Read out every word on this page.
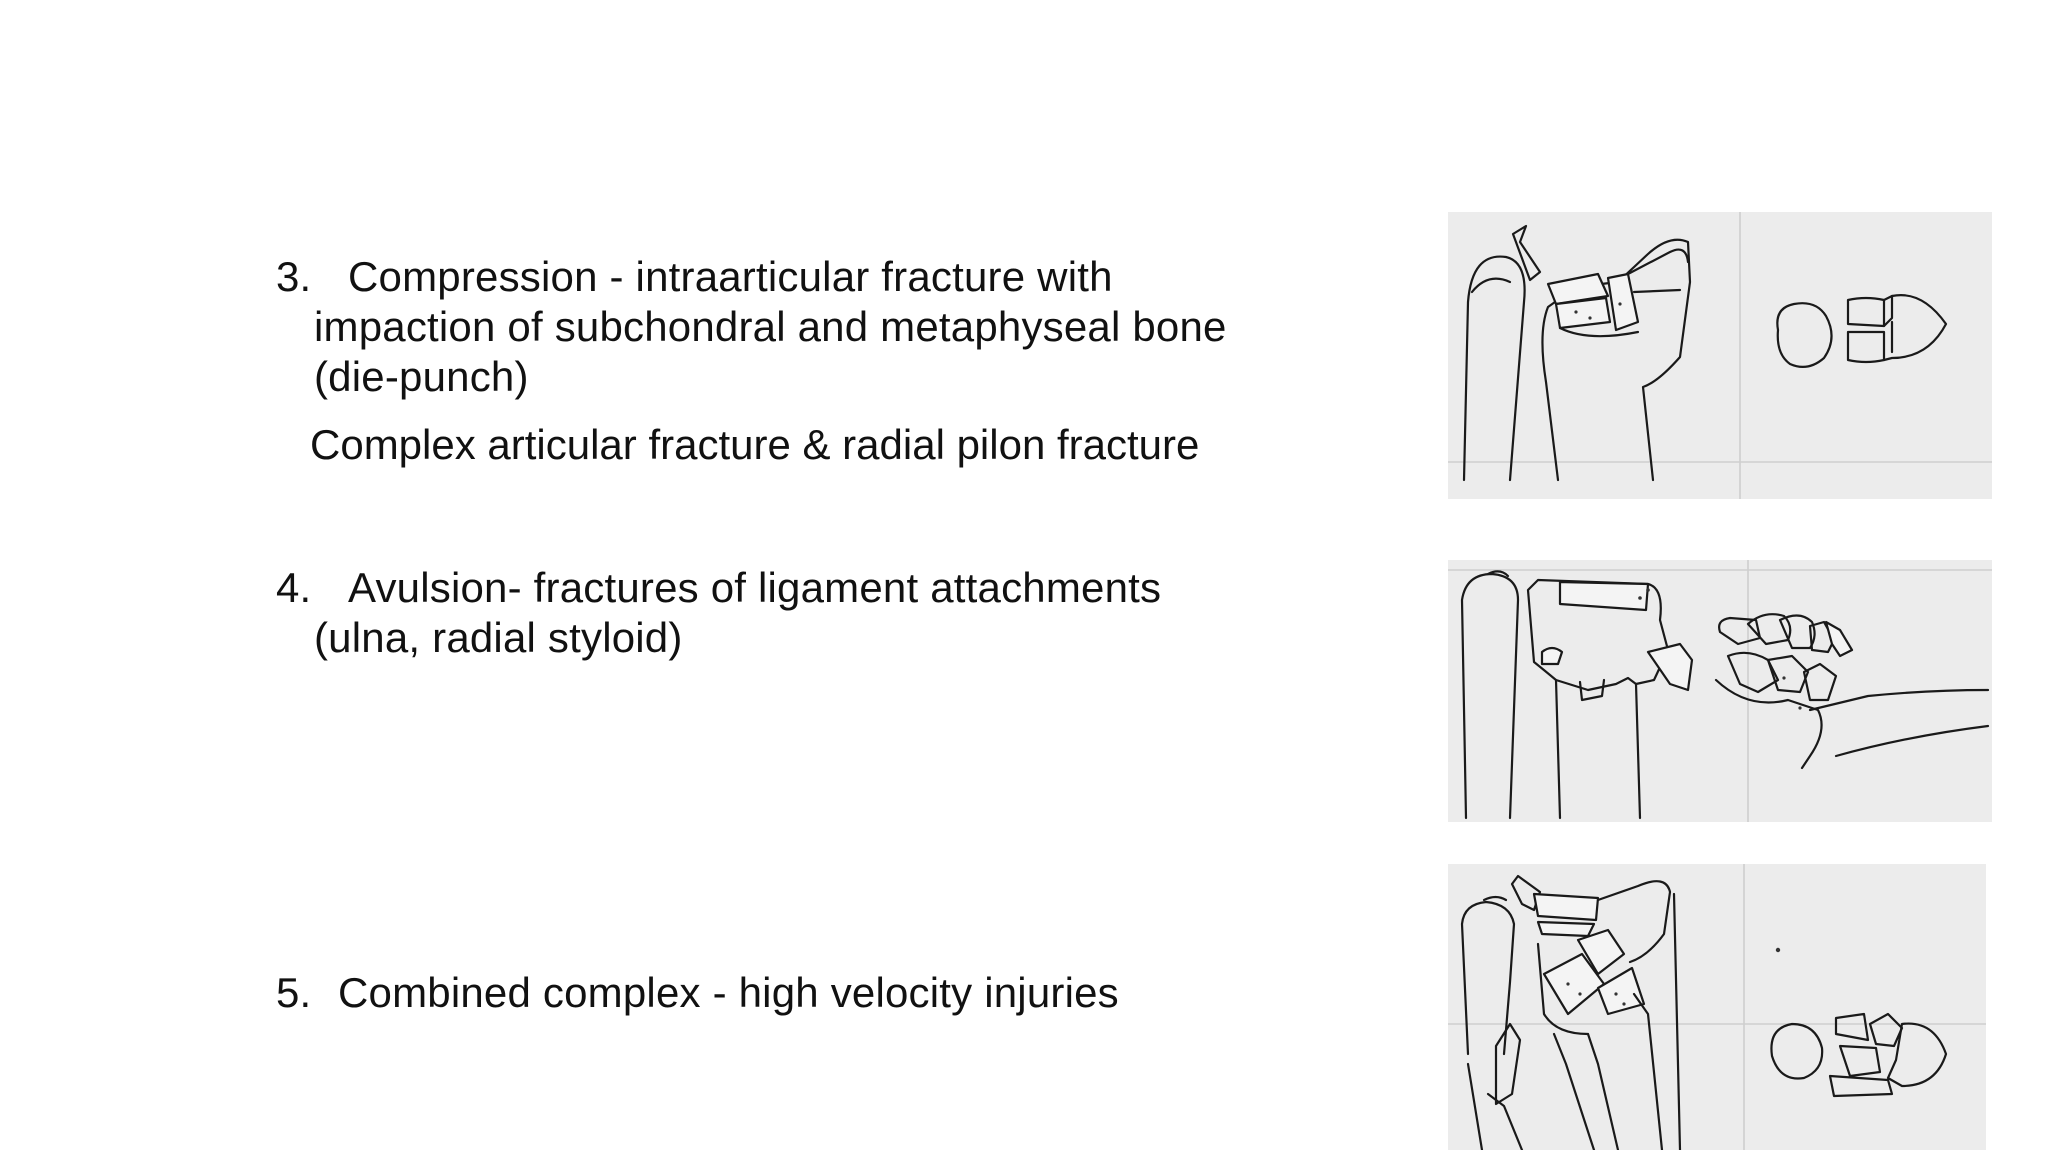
3. Compression - intraarticular fracture with
impaction of subchondral and metaphyseal bone
(die-punch)
Complex articular fracture & radial pilon fracture
4. Avulsion- fractures of ligament attachments
(ulna, radial styloid)
5. Combined complex - high velocity injuries
